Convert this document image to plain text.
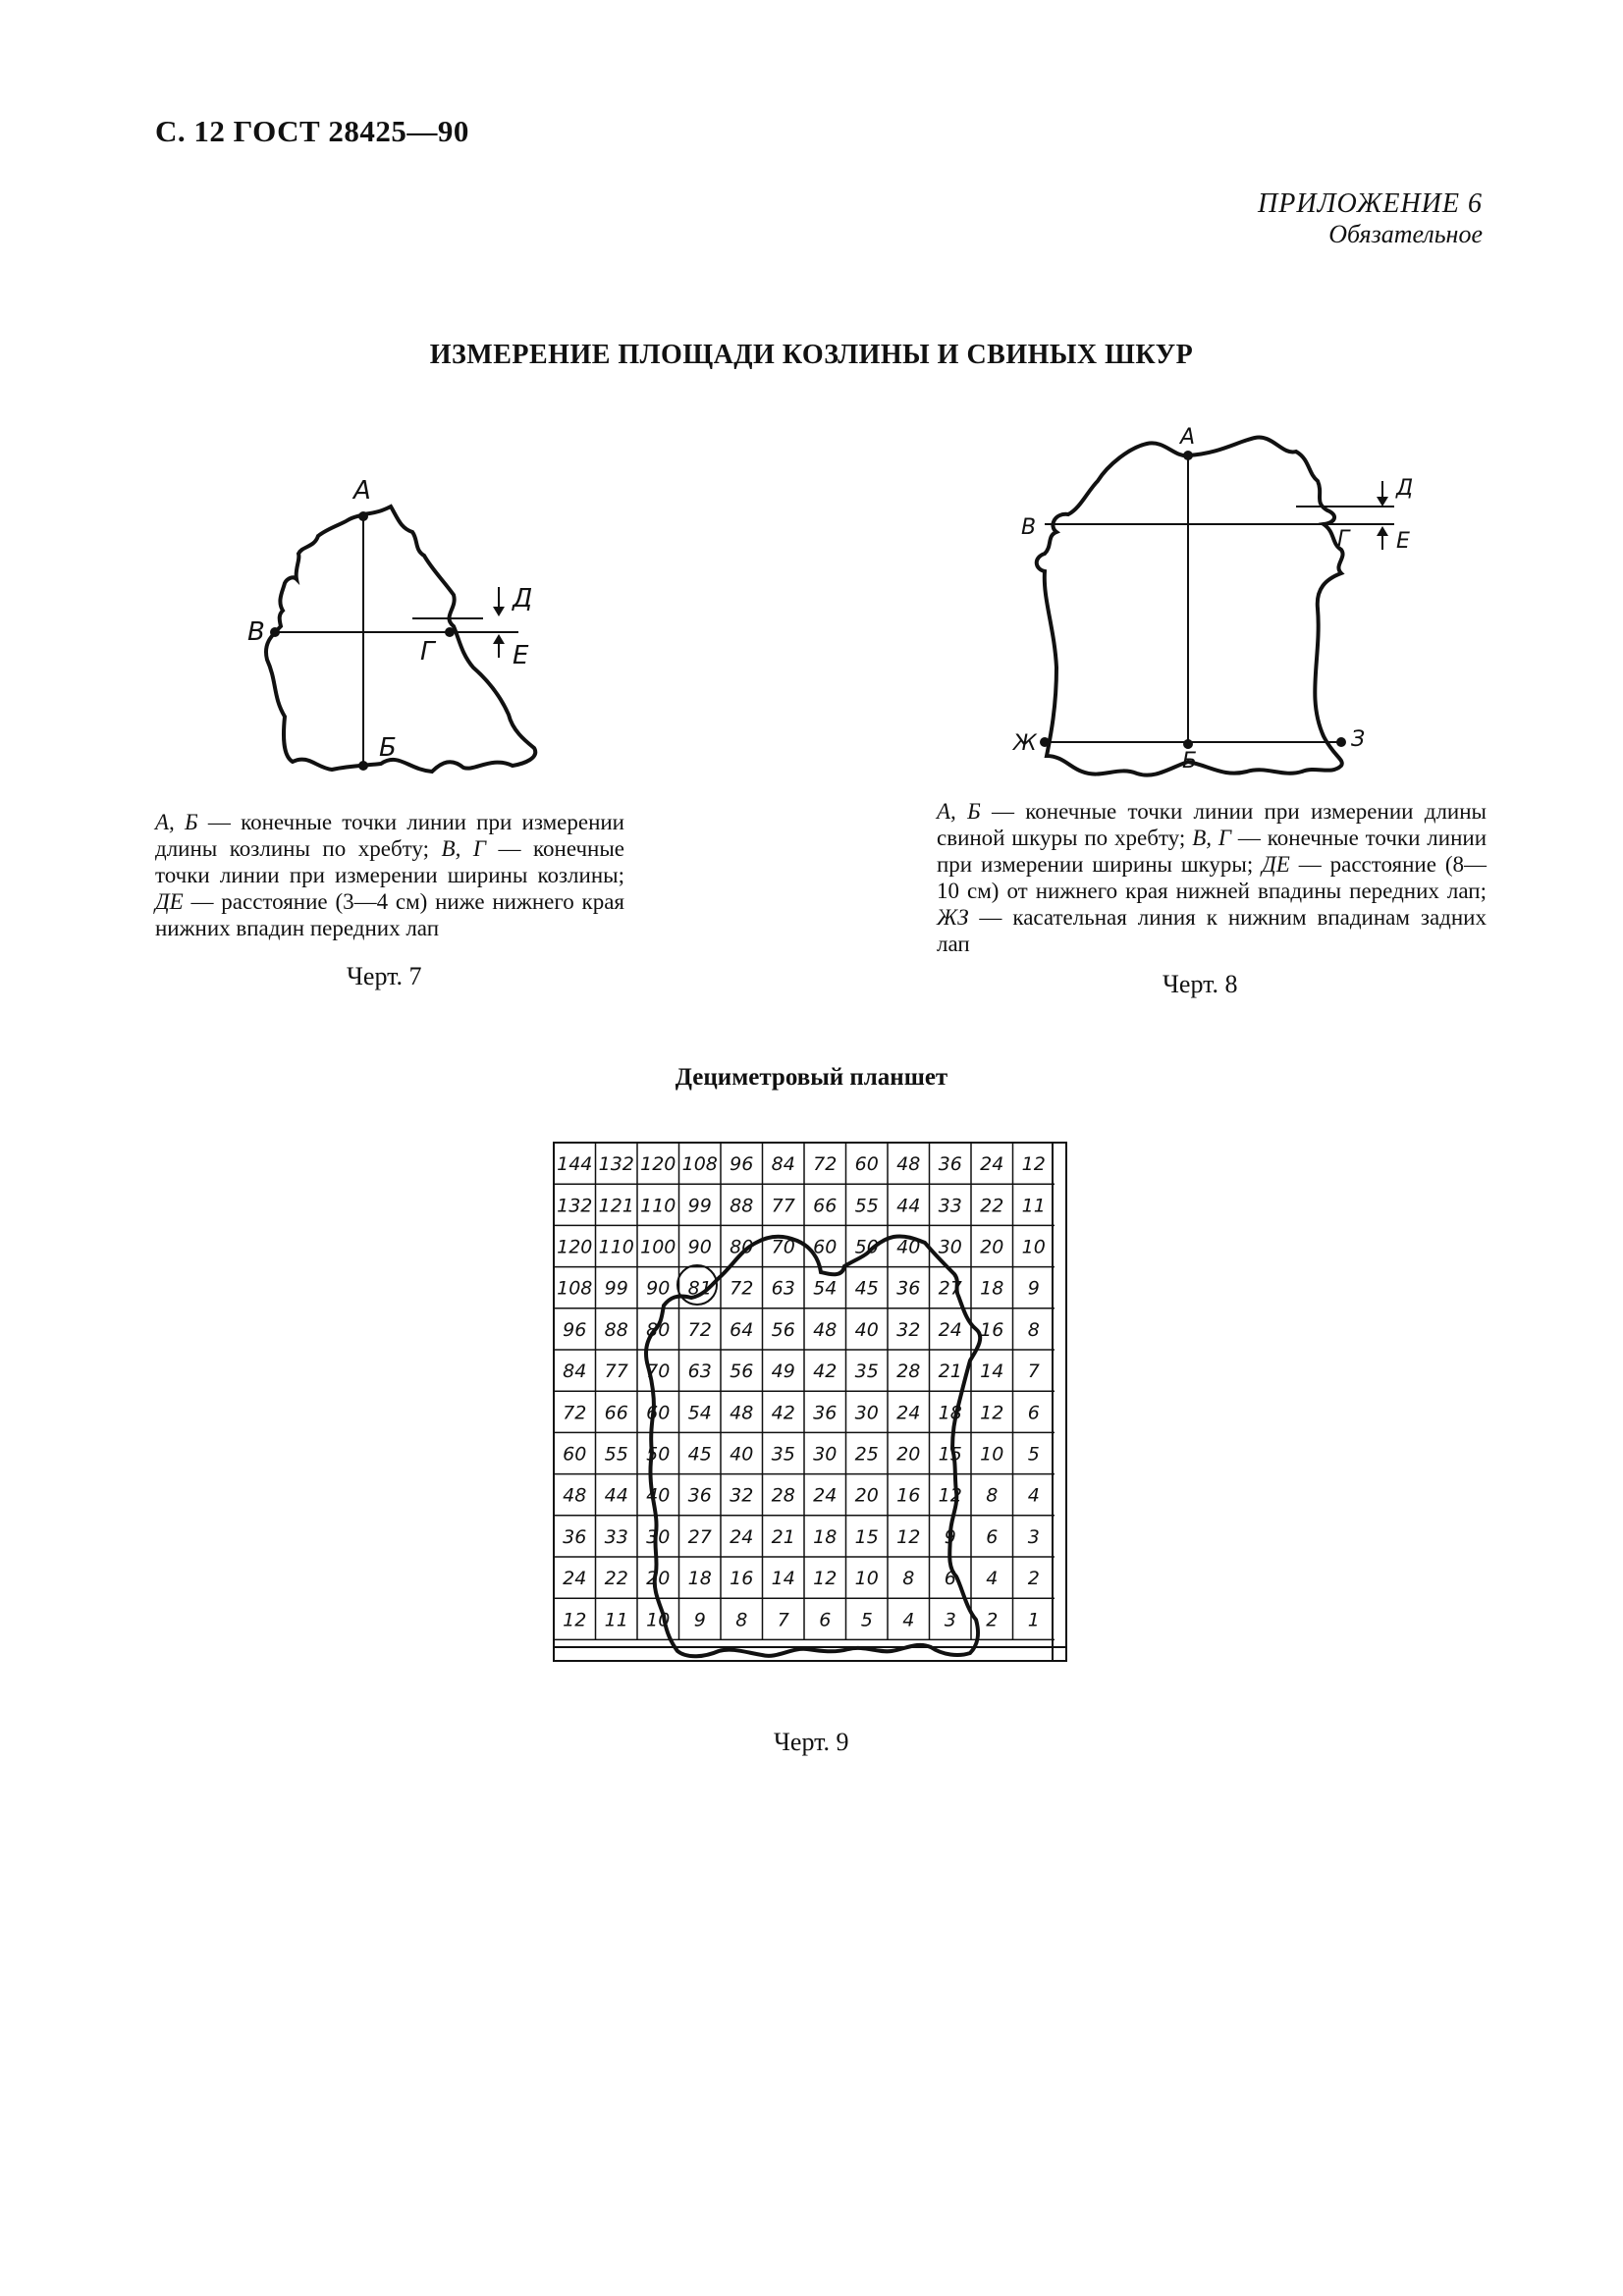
С. 12 ГОСТ 28425—90
ПРИЛОЖЕНИЕ 6
Обязательное
ИЗМЕРЕНИЕ ПЛОЩАДИ КОЗЛИНЫ И СВИНЫХ ШКУР
А
Б
В
Г
Д
Е
А, Б — конечные точки линии при измерении длины козлины по хребту; В, Г — конечные точки линии при измерении ширины козлины; ДЕ — расстояние (3—4 см) ниже нижнего края нижних впадин передних лап
Черт. 7
А
Б
В	Г
Д
Е
Ж	З
А, Б — конечные точки линии при измерении длины свиной шкуры по хребту; В, Г — конечные точки линии при измерении ширины шкуры; ДЕ — расстояние (8—10 см) от нижнего края нижней впадины передних лап; ЖЗ — касательная линия к нижним впадинам задних лап
Черт. 8
Дециметровый планшет
144 132 120 108 96 84 72 60 48 36 24 12
132 121 110 99 88 77 66 55 44 33 22 11
120 110 100 90 80 70 60 50 40 30 20 10
108 99 90 81 72 63 54 45 36 27 18 9
96 88 80 72 64 56 48 40 32 24 16 8
84 77 70 63 56 49 42 35 28 21 14 7
72 66 60 54 48 42 36 30 24 18 12 6
60 55 50 45 40 35 30 25 20 15 10 5
48 44 40 36 32 28 24 20 16 12 8 4
36 33 30 27 24 21 18 15 12 9 6 3
24 22 20 18 16 14 12 10 8 6 4 2
12 11 10 9 8 7 6 5 4 3 2 1
Черт. 9
